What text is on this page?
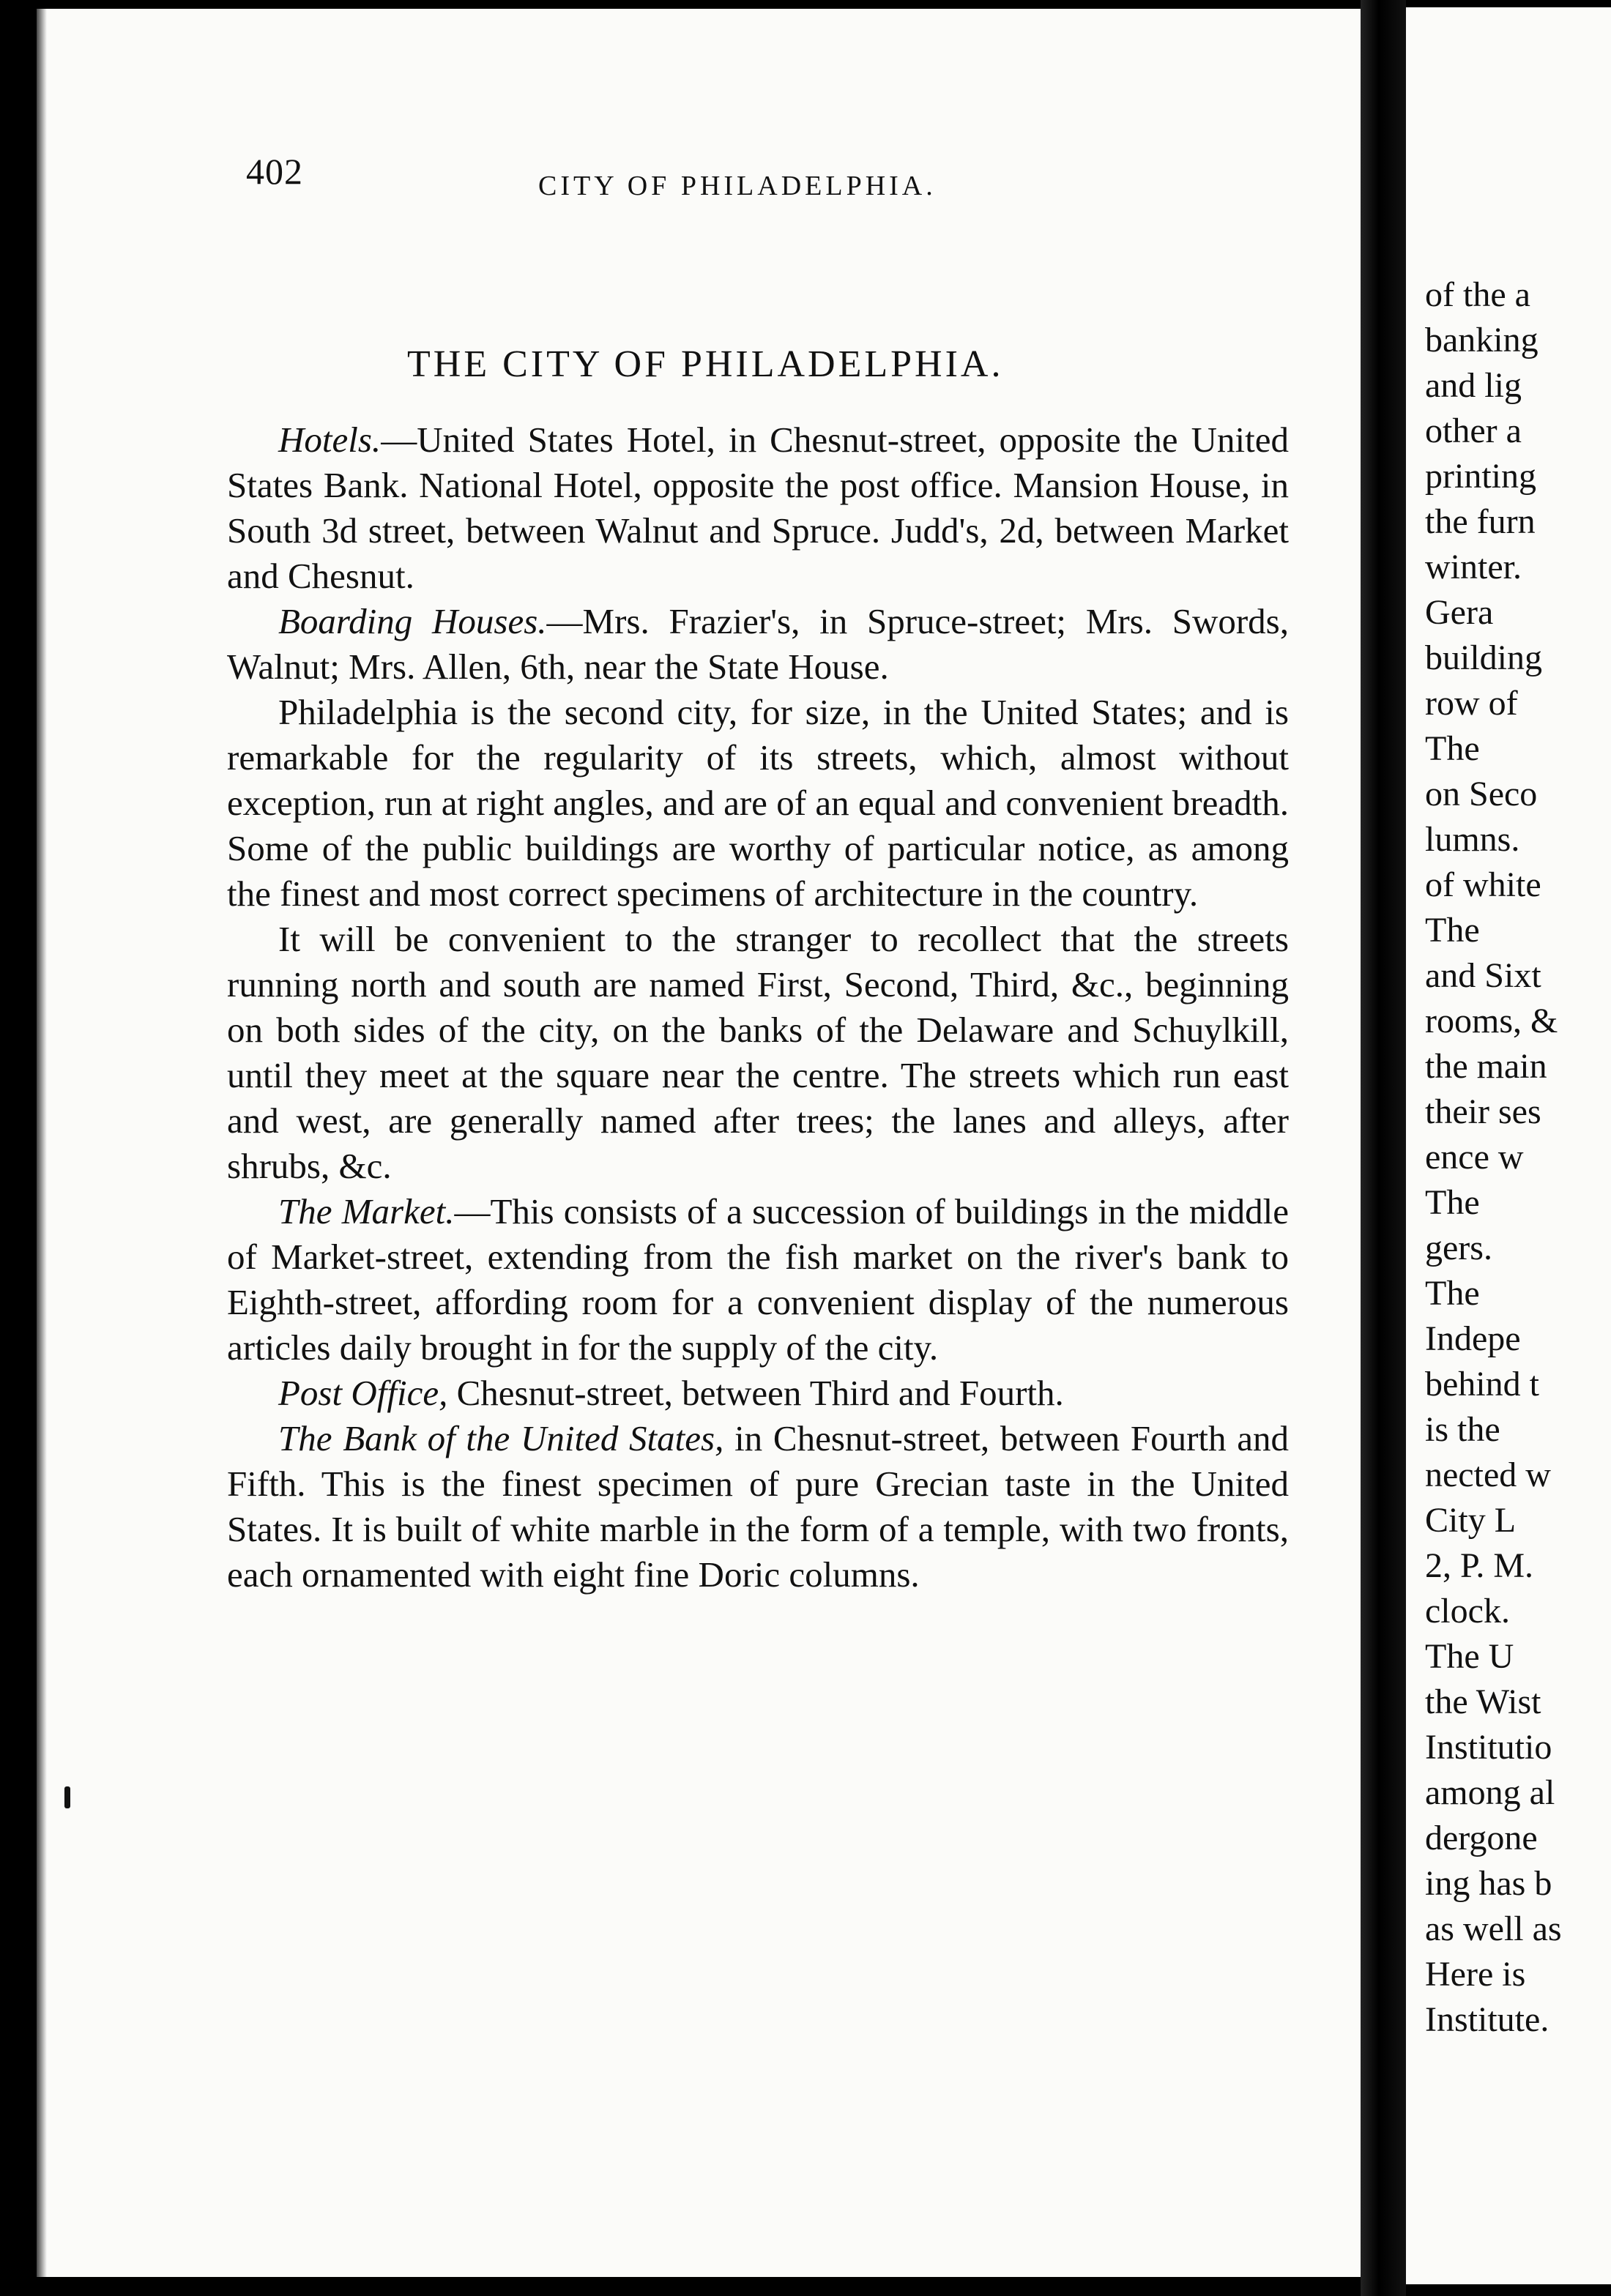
of the a
banking
and lig
other a
printing
the furn
winter.
Gera
building
row of
The
on Seco
lumns.
of white
The
and Sixt
rooms, &
the main
their ses
ence w
The
gers.
The
Indepe
behind t
is the
nected w
City L
2, P. M.
clock.
The U
the Wist
Institutio
among al
dergone
ing has b
as well as
Here is
Institute.
402	CITY OF PHILADELPHIA.
THE CITY OF PHILADELPHIA.

Hotels.—United States Hotel, in Chesnut-street, opposite the United States Bank. National Hotel, opposite the post office. Mansion House, in South 3d street, between Walnut and Spruce. Judd's, 2d, between Market and Chesnut.

Boarding Houses.—Mrs. Frazier's, in Spruce-street; Mrs. Swords, Walnut; Mrs. Allen, 6th, near the State House.

Philadelphia is the second city, for size, in the United States; and is remarkable for the regularity of its streets, which, almost without exception, run at right angles, and are of an equal and convenient breadth. Some of the public buildings are worthy of particular notice, as among the finest and most correct specimens of architecture in the country.

It will be convenient to the stranger to recollect that the streets running north and south are named First, Second, Third, &c., beginning on both sides of the city, on the banks of the Delaware and Schuylkill, until they meet at the square near the centre. The streets which run east and west, are generally named after trees; the lanes and alleys, after shrubs, &c.

The Market.—This consists of a succession of buildings in the middle of Market-street, extending from the fish market on the river's bank to Eighth-street, affording room for a convenient display of the numerous articles daily brought in for the supply of the city.

Post Office, Chesnut-street, between Third and Fourth.

The Bank of the United States, in Chesnut-street, between Fourth and Fifth. This is the finest specimen of pure Grecian taste in the United States. It is built of white marble in the form of a temple, with two fronts, each ornamented with eight fine Doric columns.
